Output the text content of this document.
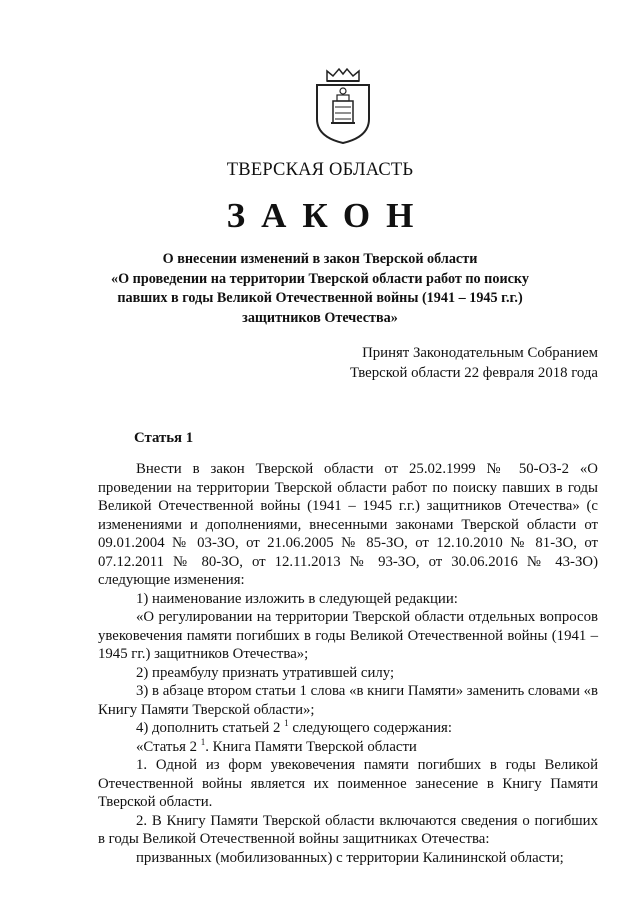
ТВЕРСКАЯ ОБЛАСТЬ
ЗАКОН
О внесении изменений в закон Тверской области
«О проведении на территории Тверской области работ по поиску
павших в годы Великой Отечественной войны (1941 – 1945 г.г.)
защитников Отечества»
Принят Законодательным Собранием
Тверской области 22 февраля 2018 года
Статья 1

Внести в закон Тверской области от 25.02.1999 № 50-ОЗ-2 «О проведении на территории Тверской области работ по поиску павших в годы Великой Отечественной войны (1941 – 1945 г.г.) защитников Отечества» (с изменениями и дополнениями, внесенными законами Тверской области от 09.01.2004 № 03-ЗО, от 21.06.2005 № 85-ЗО, от 12.10.2010 № 81-ЗО, от 07.12.2011 № 80-ЗО, от 12.11.2013 № 93-ЗО, от 30.06.2016 № 43-ЗО) следующие изменения:

1) наименование изложить в следующей редакции:

«О регулировании на территории Тверской области отдельных вопросов увековечения памяти погибших в годы Великой Отечественной войны (1941 – 1945 гг.) защитников Отечества»;

2) преамбулу признать утратившей силу;

3) в абзаце втором статьи 1 слова «в книги Памяти» заменить словами «в Книгу Памяти Тверской области»;

4) дополнить статьей 2 $^1$ следующего содержания:

«Статья 2 $^1$. Книга Памяти Тверской области

1. Одной из форм увековечения памяти погибших в годы Великой Отечественной войны является их поименное занесение в Книгу Памяти Тверской области.

2. В Книгу Памяти Тверской области включаются сведения о погибших в годы Великой Отечественной войны защитниках Отечества:

призванных (мобилизованных) с территории Калининской области;
